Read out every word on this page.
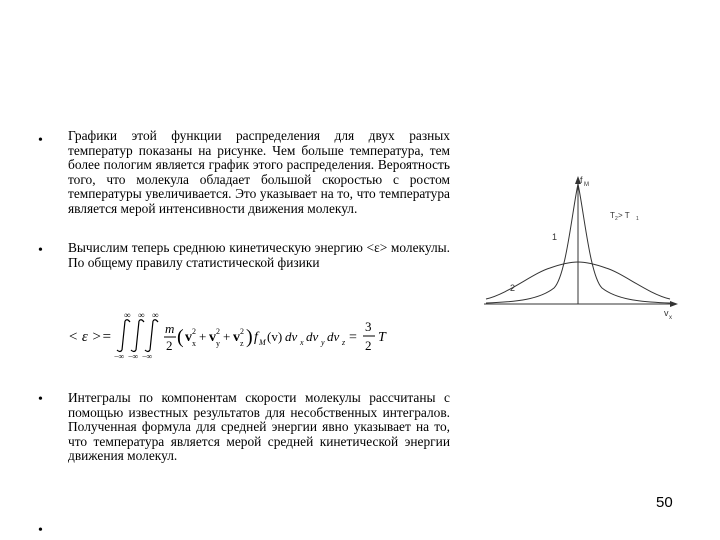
•
•
•
•
Графики этой функции распределения для двух разных температур показаны на рисунке. Чем больше температура, тем более пологим является график этого распределения. Вероятность того, что молекула обладает большой скоростью с ростом температуры увеличивается. Это указывает на то, что температура является мерой интенсивности движения молекул.
Вычислим теперь среднюю кинетическую энергию <ε> молекулы. По общему правилу статистической физики
Интегралы по компонентам скорости молекулы рассчитаны с помощью известных результатов для несобственных интегралов. Полученная формула для средней энергии явно указывает на то, что температура является мерой средней кинетической энергии движения молекул.
< ε >=
∞ ∞ ∞
−∞ −∞ −∞
m
2 ( v 2
x + v 2
y + v 2
z ) f M (v) dv x dv y dv z =
3
2
T
f M
v x
T 2 > T 1
1
2
50
